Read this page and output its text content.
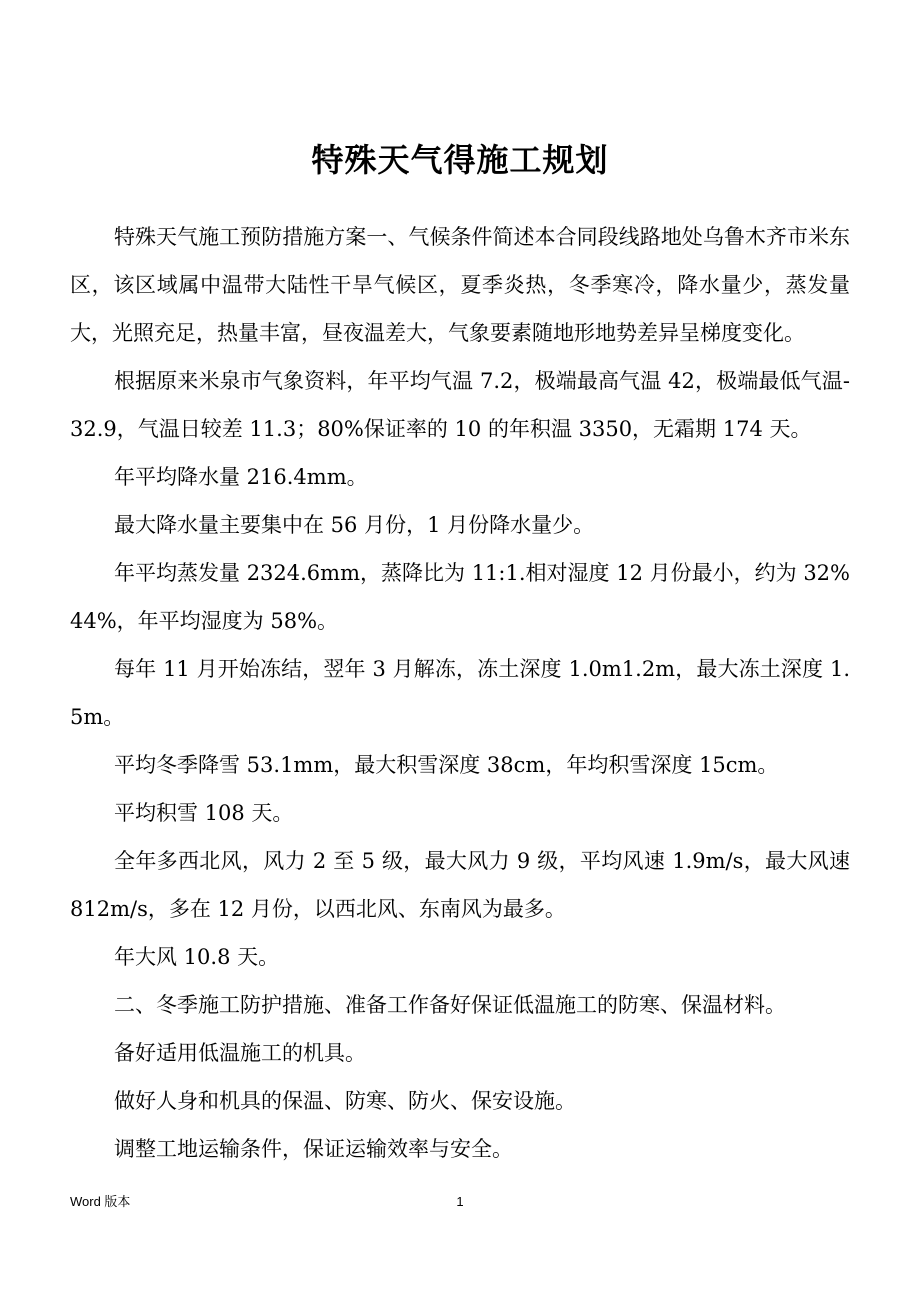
特殊天气得施工规划

特殊天气施工预防措施方案一、气候条件简述本合同段线路地处乌鲁木齐市米东区，该区域属中温带大陆性干旱气候区，夏季炎热，冬季寒冷，降水量少，蒸发量大，光照充足，热量丰富，昼夜温差大，气象要素随地形地势差异呈梯度变化。

根据原来米泉市气象资料，年平均气温 7.2，极端最高气温 42，极端最低气温-32.9，气温日较差 11.3；80%保证率的 10 的年积温 3350，无霜期 174 天。

年平均降水量 216.4mm。

最大降水量主要集中在 56 月份，1 月份降水量少。

年平均蒸发量 2324.6mm，蒸降比为 11:1.相对湿度 12 月份最小，约为 32%44%，年平均湿度为 58%。

每年 11 月开始冻结，翌年 3 月解冻，冻土深度 1.0m1.2m，最大冻土深度 1.5m。

平均冬季降雪 53.1mm，最大积雪深度 38cm，年均积雪深度 15cm。

平均积雪 108 天。

全年多西北风，风力 2 至 5 级，最大风力 9 级，平均风速 1.9m/s，最大风速 812m/s，多在 12 月份，以西北风、东南风为最多。

年大风 10.8 天。

二、冬季施工防护措施、准备工作备好保证低温施工的防寒、保温材料。

备好适用低温施工的机具。

做好人身和机具的保温、防寒、防火、保安设施。

调整工地运输条件，保证运输效率与安全。

Word 版本	1
